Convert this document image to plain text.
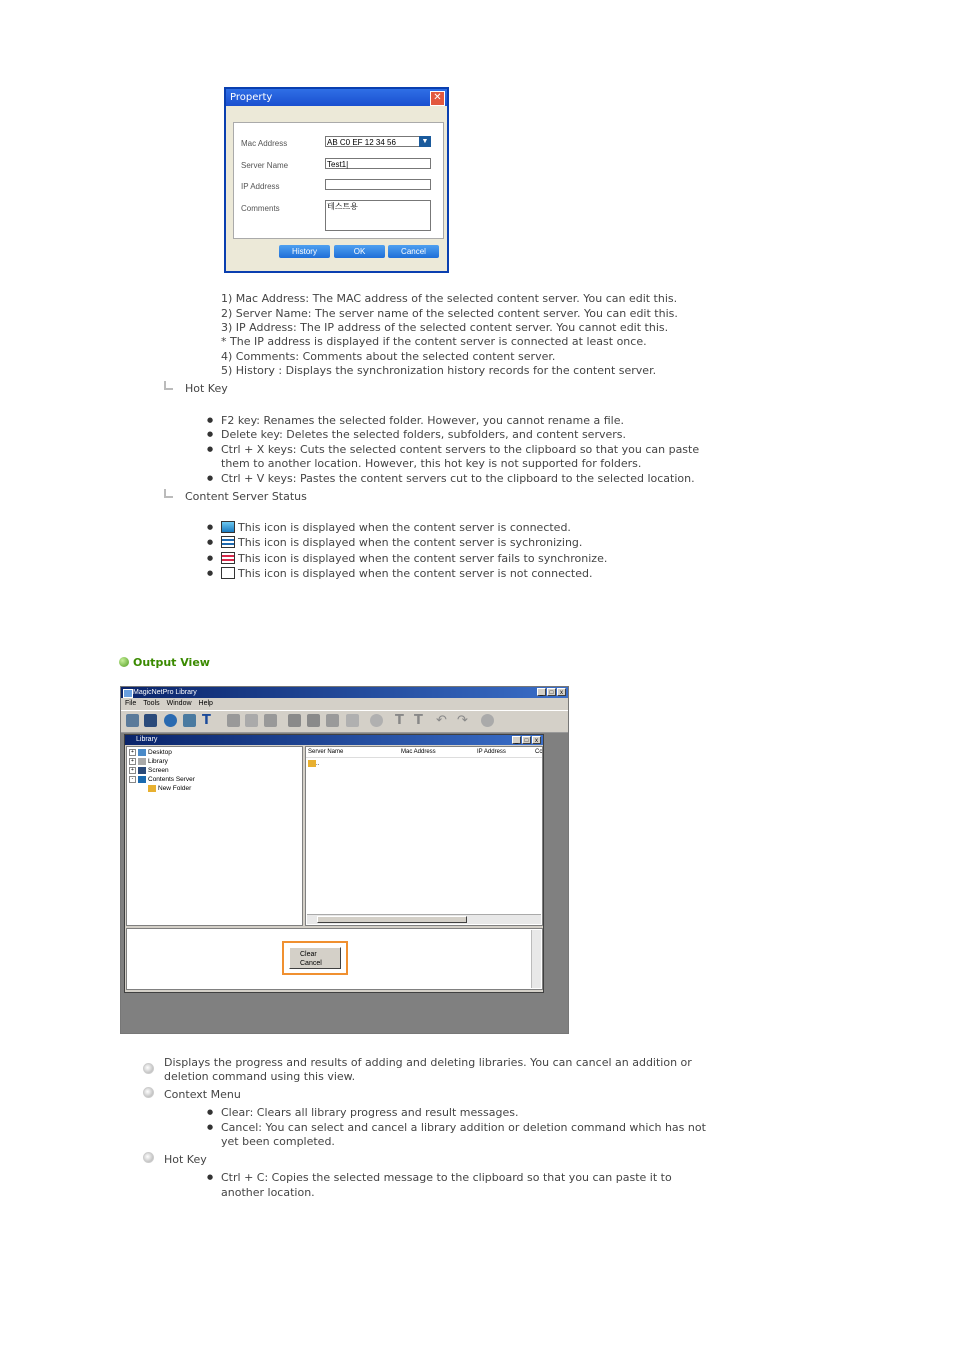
Property	✕
Mac Address	AB C0 EF 12 34 56	▼
Server Name	Test1|
IP Address
Comments	테스트용
History	OK	Cancel
1) Mac Address: The MAC address of the selected content server. You can edit this.
2) Server Name: The server name of the selected content server. You can edit this.
3) IP Address: The IP address of the selected content server. You cannot edit this.
* The IP address is displayed if the content server is connected at least once.
4) Comments: Comments about the selected content server.
5) History : Displays the synchronization history records for the content server.
Hot Key
● F2 key: Renames the selected folder. However, you cannot rename a file.
● Delete key: Deletes the selected folders, subfolders, and content servers.
● Ctrl + X keys: Cuts the selected content servers to the clipboard so that you can paste
them to another location. However, this hot key is not supported for folders.
● Ctrl + V keys: Pastes the content servers cut to the clipboard to the selected location.
Content Server Status
● This icon is displayed when the content server is connected.
● This icon is displayed when the content server is sychronizing.
● This icon is displayed when the content server fails to synchronize.
● This icon is displayed when the content server is not connected.
Output View
MagicNetPro Library	_	□	x
File Tools Window Help
T	T T	↶ ↷
Library	_	□	x
+ Desktop
+ Library
+ Screen
- Contents Server
New Folder
Server Name	Mac Address	IP Address	Cc
..
Clear
Cancel
Displays the progress and results of adding and deleting libraries. You can cancel an addition or
deletion command using this view.
Context Menu
● Clear: Clears all library progress and result messages.
● Cancel: You can select and cancel a library addition or deletion command which has not
yet been completed.
Hot Key
● Ctrl + C: Copies the selected message to the clipboard so that you can paste it to
another location.
